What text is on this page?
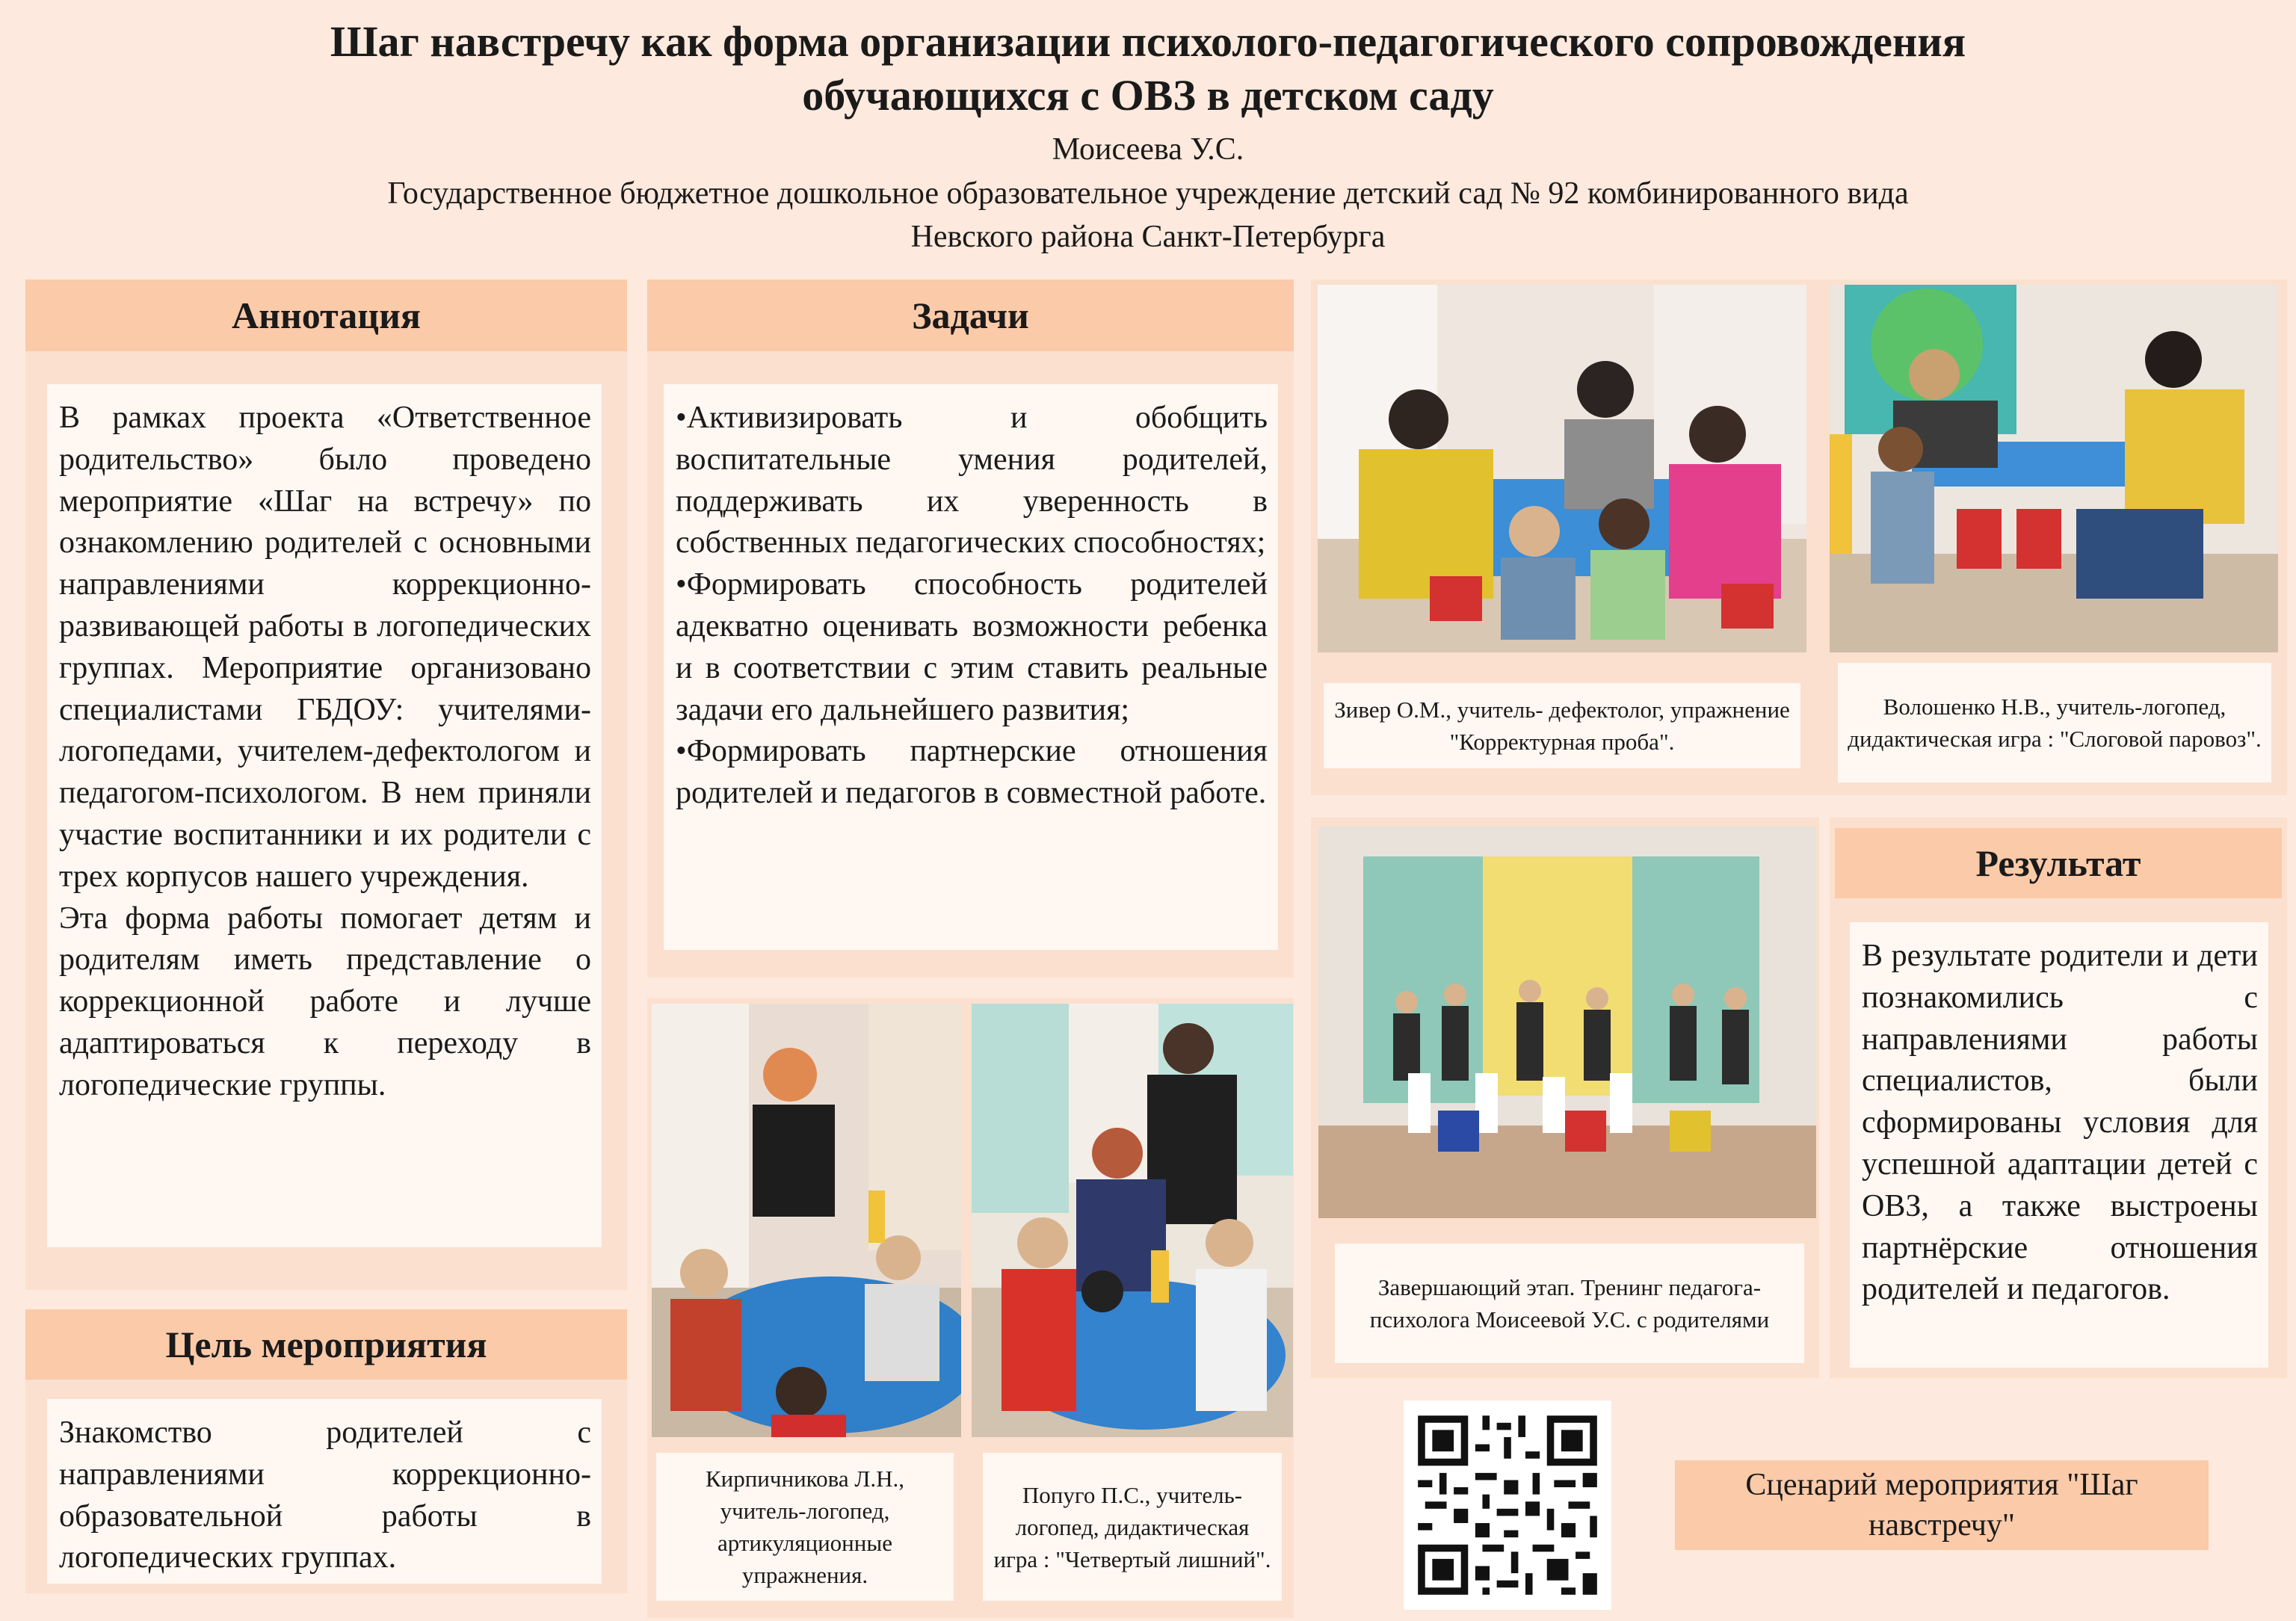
Шаг навстречу как форма организации психолого-педагогического сопровождения
обучающихся с ОВЗ в детском саду
Моисеева У.С.
Государственное бюджетное дошкольное образовательное учреждение детский сад № 92 комбинированного вида
Невского района Санкт-Петербурга
Аннотация

В рамках проекта «Ответственное родительство» было проведено мероприятие «Шаг на встречу» по ознакомлению родителей с основными направлениями коррекционно-развивающей работы в логопедических группах. Мероприятие организовано специалистами ГБДОУ: учителями-логопедами, учителем-дефектологом и педагогом-психологом. В нем приняли участие воспитанники и их родители с трех корпусов нашего учреждения.

Эта форма работы помогает детям и родителям иметь представление о коррекционной работе и лучше адаптироваться к переходу в логопедические группы.

Цель мероприятия

Знакомство родителей с направлениями коррекционно-образовательной работы в логопедических группах.

Задачи

•Активизировать и обобщить воспитательные умения родителей, поддерживать их уверенность в собственных педагогических способностях;

•Формировать способность родителей адекватно оценивать возможности ребенка и в соответствии с этим ставить реальные задачи его дальнейшего развития;

•Формировать партнерские отношения родителей и педагогов в совместной работе.

Кирпичникова Л.Н., учитель-логопед, артикуляционные упражнения.
Попуго П.С., учитель-логопед, дидактическая игра : "Четвертый лишний".
Зивер О.М., учитель- дефектолог, упражнение "Корректурная проба".
Волошенко Н.В., учитель-логопед, дидактическая игра : "Слоговой паровоз".
Завершающий этап. Тренинг педагога-психолога Моисеевой У.С. с родителями
Результат

В результате родители и дети познакомились с направлениями работы специалистов, были сформированы условия для успешной адаптации детей с ОВЗ, а также выстроены партнёрские отношения родителей и педагогов.

Сценарий мероприятия "Шаг навстречу"
